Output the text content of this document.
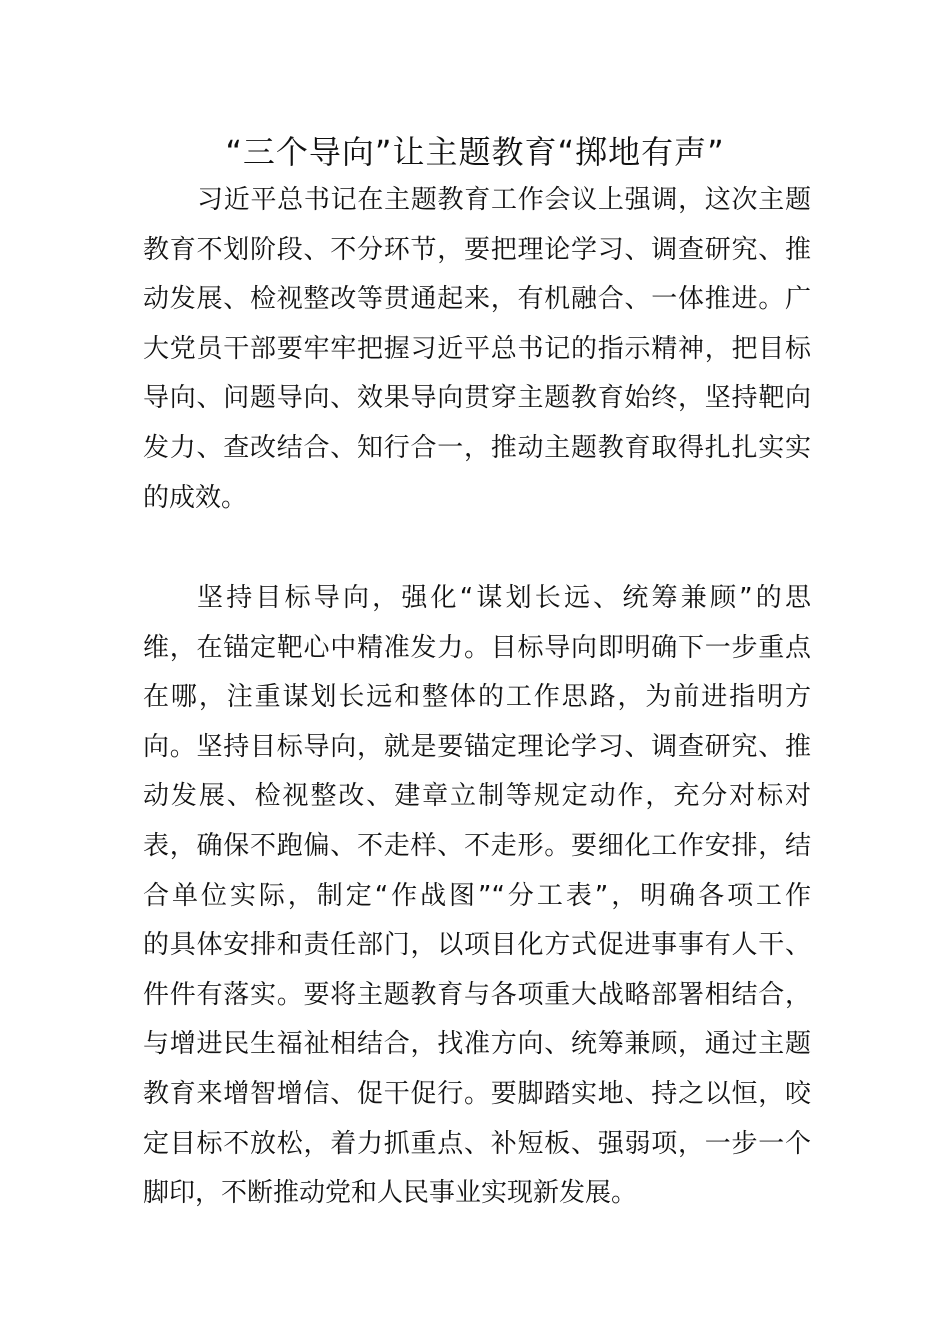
“三个导向”让主题教育“掷地有声”
习近平总书记在主题教育工作会议上强调，这次主题
教育不划阶段、不分环节，要把理论学习、调查研究、推
动发展、检视整改等贯通起来，有机融合、一体推进。广
大党员干部要牢牢把握习近平总书记的指示精神，把目标
导向、问题导向、效果导向贯穿主题教育始终，坚持靶向
发力、查改结合、知行合一，推动主题教育取得扎扎实实
的成效。
坚持目标导向，强化“谋划长远、统筹兼顾”的思
维，在锚定靶心中精准发力。目标导向即明确下一步重点
在哪，注重谋划长远和整体的工作思路，为前进指明方
向。坚持目标导向，就是要锚定理论学习、调查研究、推
动发展、检视整改、建章立制等规定动作，充分对标对
表，确保不跑偏、不走样、不走形。要细化工作安排，结
合单位实际，制定“作战图”“分工表”，明确各项工作
的具体安排和责任部门，以项目化方式促进事事有人干、
件件有落实。要将主题教育与各项重大战略部署相结合，
与增进民生福祉相结合，找准方向、统筹兼顾，通过主题
教育来增智增信、促干促行。要脚踏实地、持之以恒，咬
定目标不放松，着力抓重点、补短板、强弱项，一步一个
脚印，不断推动党和人民事业实现新发展。
